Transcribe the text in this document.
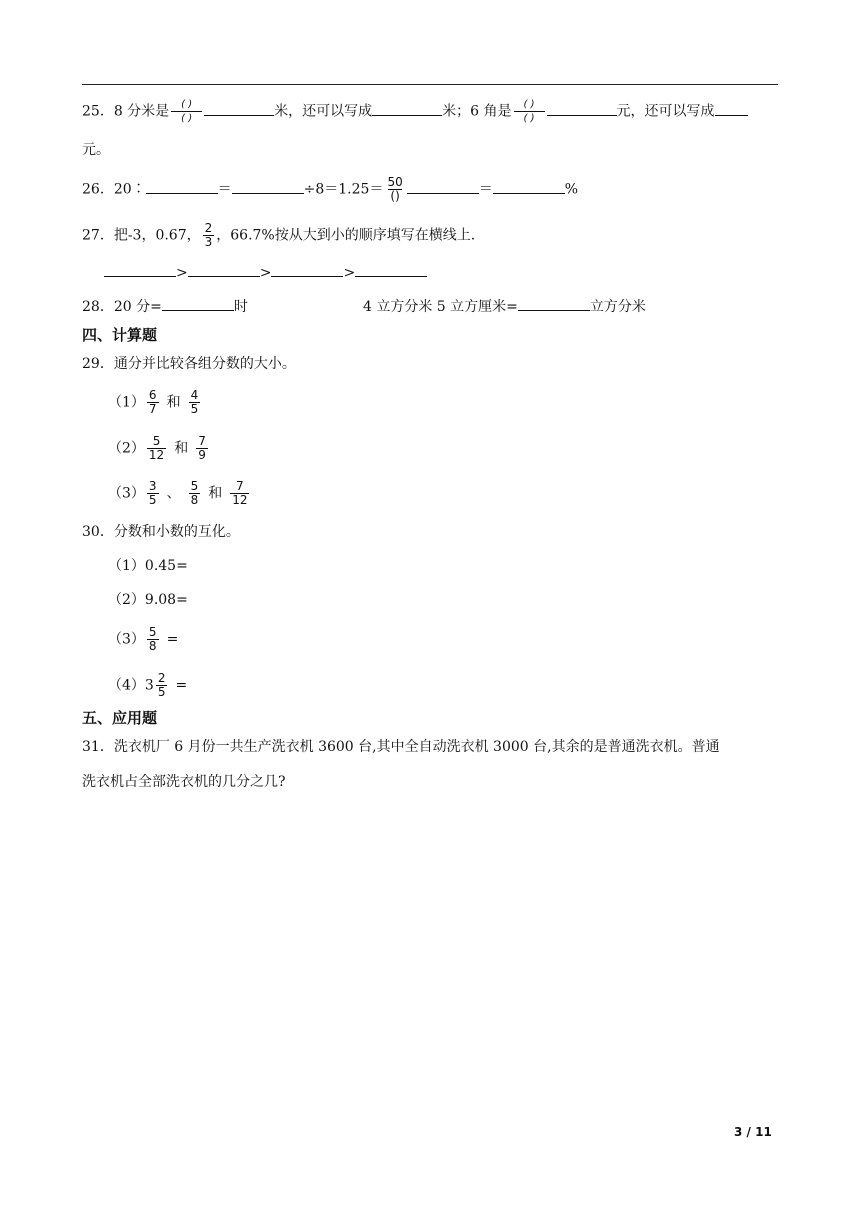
25．8 分米是 $\frac{( )}{( )}$	米，还可以写成	米；6 角是 $\frac{( )}{( )}$	元，还可以写成
元。
26．20∶	＝	$\div 8=1.25= \frac{50}{()}$	＝	%
27．把-3，0.67， $\frac{2}{3}$ ，66.7%按从大到小的顺序填写在横线上.
>	>	>
28．20 分=	时	4 立方分米 5 立方厘米=	立方分米
四、计算题
29．通分并比较各组分数的大小。
$(1) \frac{6}{7}$ 和 $\frac{4}{5}$
$(2) \frac{5}{12}$ 和 $\frac{7}{9}$
$(3) \frac{3}{5}$ 、 $\frac{5}{8}$ 和 $\frac{7}{12}$
30．分数和小数的互化。
（1）0.45=
（2）9.08=
$(3) \frac{5}{8}$ =
$(4)3 \frac{2}{5}$ =
五、应用题
31．洗衣机厂 6 月份一共生产洗衣机 3600 台,其中全自动洗衣机 3000 台,其余的是普通洗衣机。普通
洗衣机占全部洗衣机的几分之几?
3 / 11
